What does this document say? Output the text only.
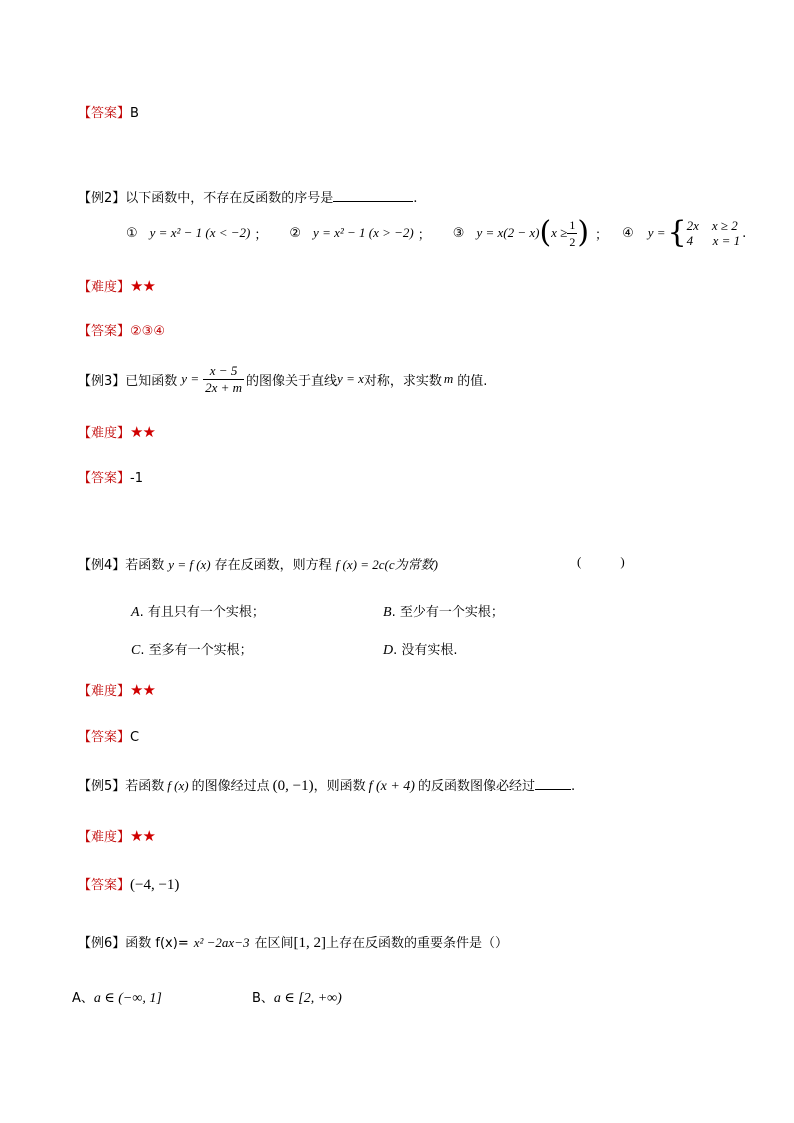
【答案】B
【例2】以下函数中，不存在反函数的序号是	.
① y = x² − 1 (x < −2) ； ② y = x² − 1 (x > −2) ； ③ y = x(2 − x) ( $x \ge \frac{1}{2}$ ) ； ④ y = { 2x    x ≥ 2
4      x = 1 .
【难度】★★
【答案】②③④
【例3】 已知函数 $y = \frac{x - 5}{2x + m}$ 的图像关于直线 y = x 对称，求实数 m 的值.
【难度】★★
【答案】-1
【例4】若函数 y = f (x) 存在反函数，则方程 f (x) = 2c(c为常数)	(            )
A. 有且只有一个实根；	B. 至少有一个实根；
C. 至多有一个实根；	D. 没有实根.
【难度】★★
【答案】C
【例5】若函数 f (x) 的图像经过点 (0, −1)，则函数 f (x + 4) 的反函数图像必经过	.
【难度】★★
【答案】(−4, −1)
【例6】函数 f(x)= x² −2ax−3 在区间[1, 2]上存在反函数的重要条件是（）
A、a ∈ (−∞, 1]	B、a ∈ [2, +∞)
